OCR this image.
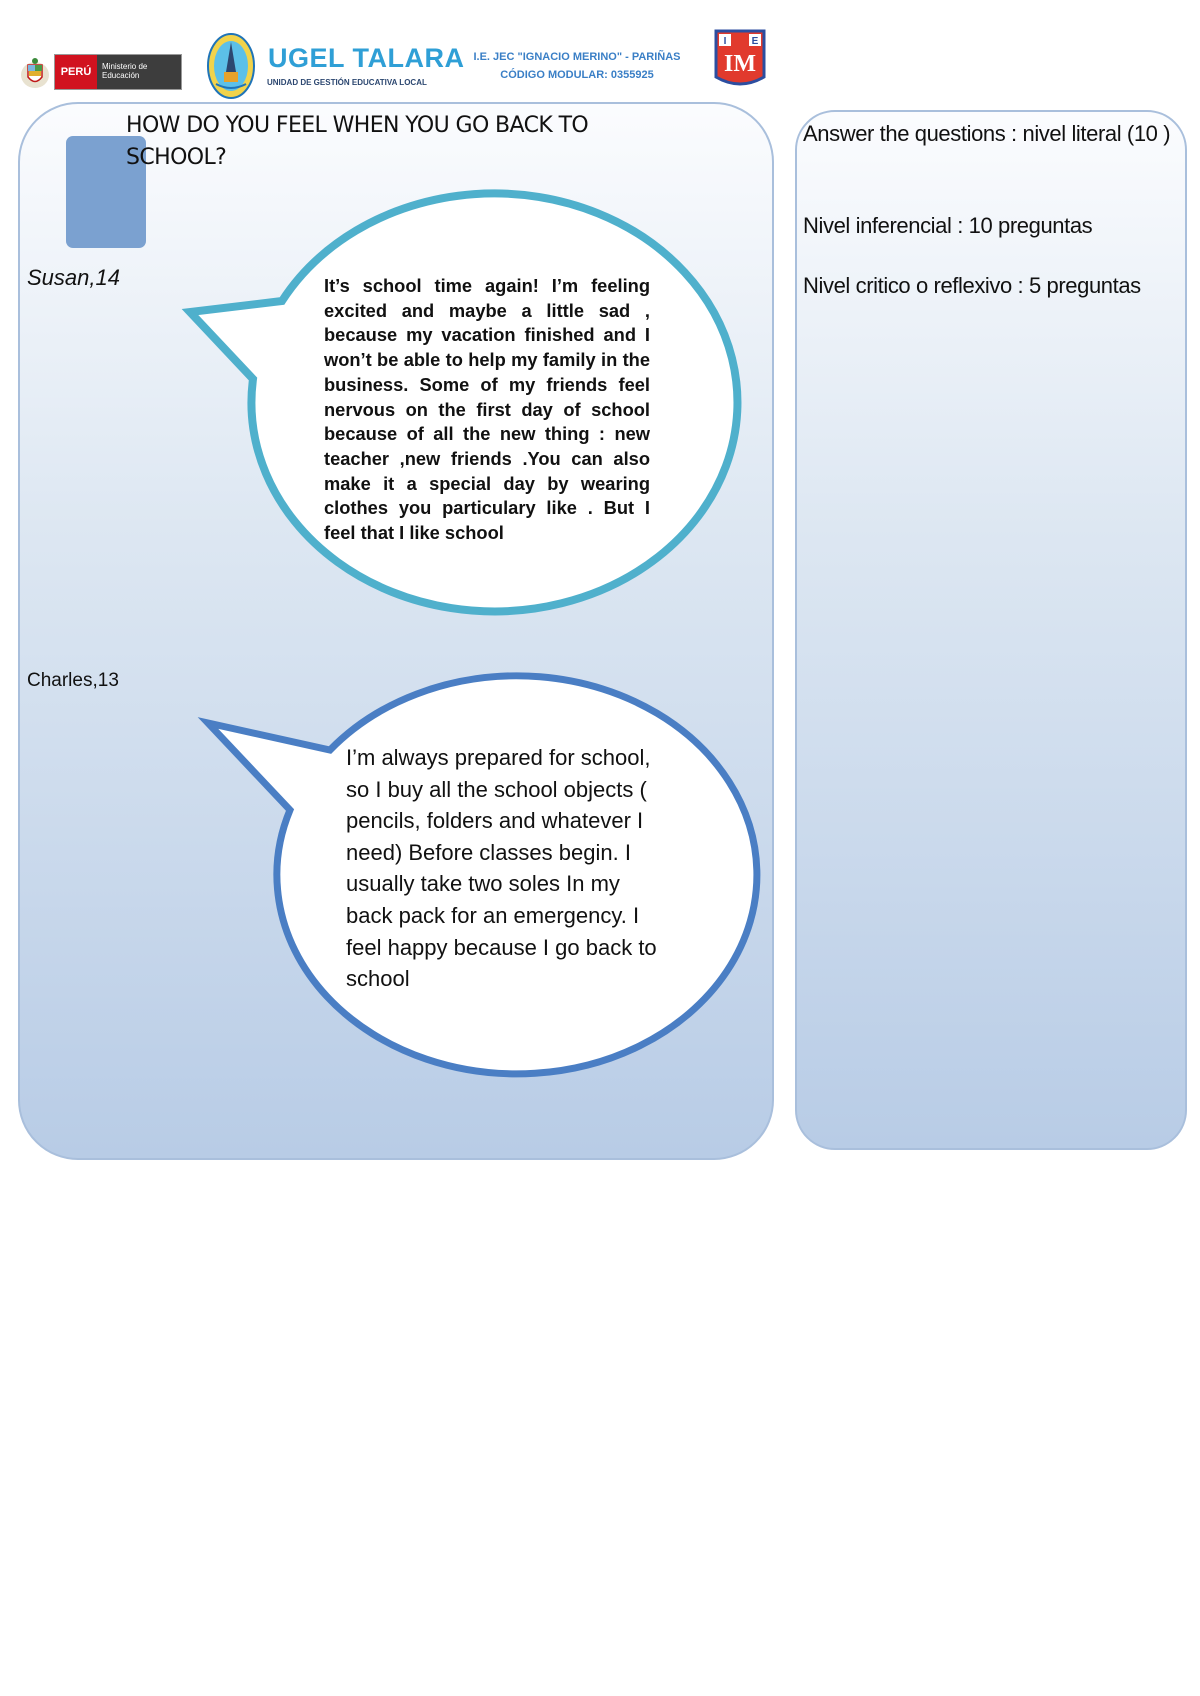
PERÚ	Ministerio de Educación
UGEL TALARA
UNIDAD DE GESTIÓN EDUCATIVA LOCAL
I.E. JEC "IGNACIO MERINO" - PARIÑAS
CÓDIGO MODULAR: 0355925
I	E
IM
HOW DO YOU FEEL WHEN YOU GO BACK TO SCHOOL?
Susan,14
Charles,13
It’s school time again! I’m feeling excited and maybe a little sad , because my vacation finished and I won’t be able to help my family in the business. Some of my friends feel nervous on the first day of school because of all the new thing : new teacher ,new friends .You can also make it a special day by wearing clothes you particulary like . But I feel that I like school
I’m always prepared for school, so I buy all the school objects ( pencils, folders and whatever I need) Before classes begin. I usually take two soles In my back pack for an emergency. I feel happy because I go back to school
Answer the questions : nivel literal (10 )
Nivel inferencial : 10 preguntas
Nivel critico o reflexivo : 5 preguntas
